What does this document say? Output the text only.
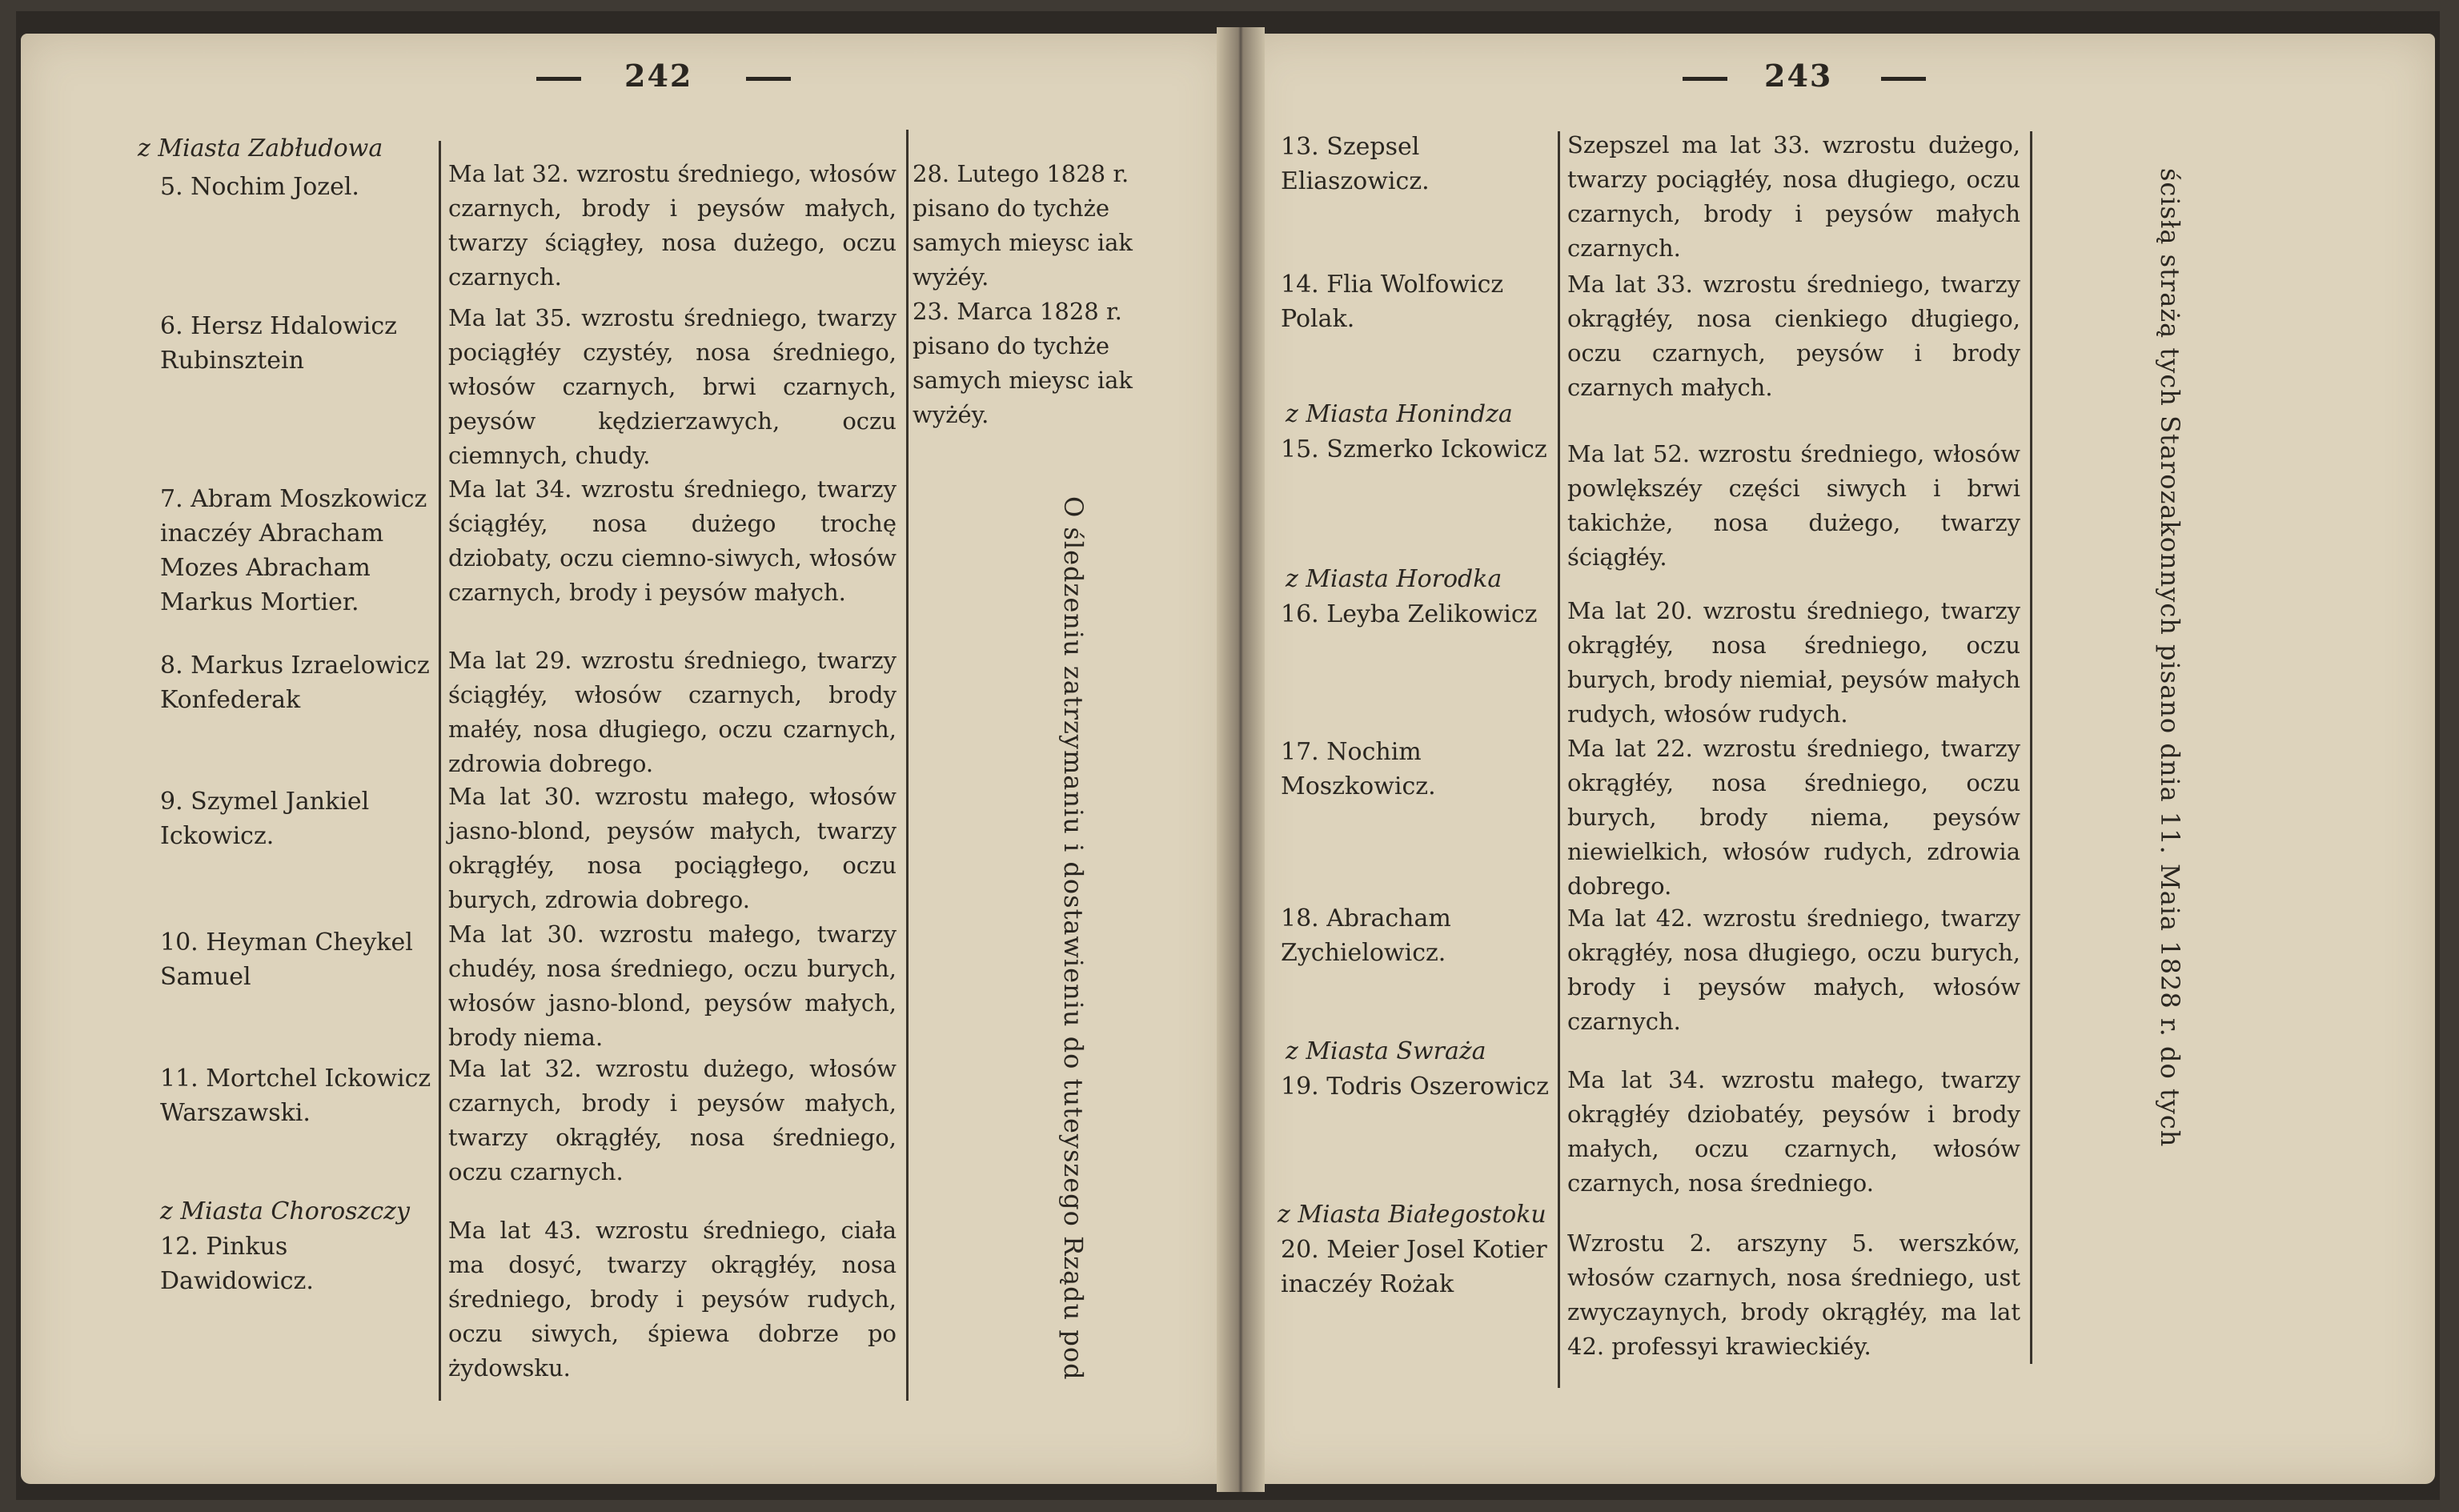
242
z Miasta Zabłudowa
5. Nochim Jozel.	Ma lat 32. wzrostu średniego, włosów czarnych, brody i peysów małych, twarzy ściągłey, nosa dużego, oczu czarnych.
6. Hersz Hdalowicz Rubinsztein
Ma lat 35. wzrostu średniego, twarzy pociągłéy czystéy, nosa średniego, włosów czarnych, brwi czarnych, peysów kędzierzawych, oczu ciemnych, chudy.
7. Abram Moszkowicz inaczéy Abracham Mozes Abracham Markus Mortier.
Ma lat 34. wzrostu średniego, twarzy ściągłéy, nosa dużego trochę dziobaty, oczu ciemno-siwych, włosów czarnych, brody i peysów małych.
8. Markus Izraelowicz Konfederak
Ma lat 29. wzrostu średniego, twarzy ściągłéy, włosów czarnych, brody małéy, nosa długiego, oczu czarnych, zdrowia dobrego.
9. Szymel Jankiel Ickowicz.
Ma lat 30. wzrostu małego, włosów jasno-blond, peysów małych, twarzy okrągłéy, nosa pociągłego, oczu burych, zdrowia dobrego.
10. Heyman Cheykel Samuel
Ma lat 30. wzrostu małego, twarzy chudéy, nosa średniego, oczu burych, włosów jasno-blond, peysów małych, brody niema.
11. Mortchel Ickowicz Warszawski.
Ma lat 32. wzrostu dużego, włosów czarnych, brody i peysów małych, twarzy okrągłéy, nosa średniego, oczu czarnych.
z Miasta Choroszczy
12. Pinkus Dawidowicz.
Ma lat 43. wzrostu średniego, ciała ma dosyć, twarzy okrągłéy, nosa średniego, brody i peysów rudych, oczu siwych, śpiewa dobrze po żydowsku.
28. Lutego 1828 r. pisano do tychże samych mieysc iak wyżéy.
23. Marca 1828 r. pisano do tychże samych mieysc iak wyżéy.
O śledzeniu zatrzymaniu i dostawieniu do tuteyszego Rządu pod
243
13. Szepsel Eliaszowicz.
Szepszel ma lat 33. wzrostu dużego, twarzy pociągłéy, nosa długiego, oczu czarnych, brody i peysów małych czarnych.
14. Flia Wolfowicz Polak.
Ma lat 33. wzrostu średniego, twarzy okrągłéy, nosa cienkiego długiego, oczu czarnych, peysów i brody czarnych małych.
z Miasta Honindza
15. Szmerko Ickowicz Ma lat 52. wzrostu średniego, włosów powlększéy części siwych i brwi takichże, nosa dużego, twarzy ściągłéy.
z Miasta Horodka
16. Leyba Zelikowicz	Ma lat 20. wzrostu średniego, twarzy okrągłéy, nosa średniego, oczu burych, brody niemiał, peysów małych rudych, włosów rudych.
17. Nochim Moszkowicz.
Ma lat 22. wzrostu średniego, twarzy okrągłéy, nosa średniego, oczu burych, brody niema, peysów niewielkich, włosów rudych, zdrowia dobrego.
18. Abracham Zychielowicz.
Ma lat 42. wzrostu średniego, twarzy okrągłéy, nosa długiego, oczu burych, brody i peysów małych, włosów czarnych.
z Miasta Swraża
19. Todris Oszerowicz Ma lat 34. wzrostu małego, twarzy okrągłéy dziobatéy, peysów i brody małych, oczu czarnych, włosów czarnych, nosa średniego.
z Miasta Białegostoku
20. Meier Josel Kotier inaczéy Rożak
Wzrostu 2. arszyny 5. werszków, włosów czarnych, nosa średniego, ust zwyczaynych, brody okrągłéy, ma lat 42. professyi krawieckiéy.
ścisłą strażą tych Starozakonnych pisano dnia 11. Maia 1828 r. do tych
